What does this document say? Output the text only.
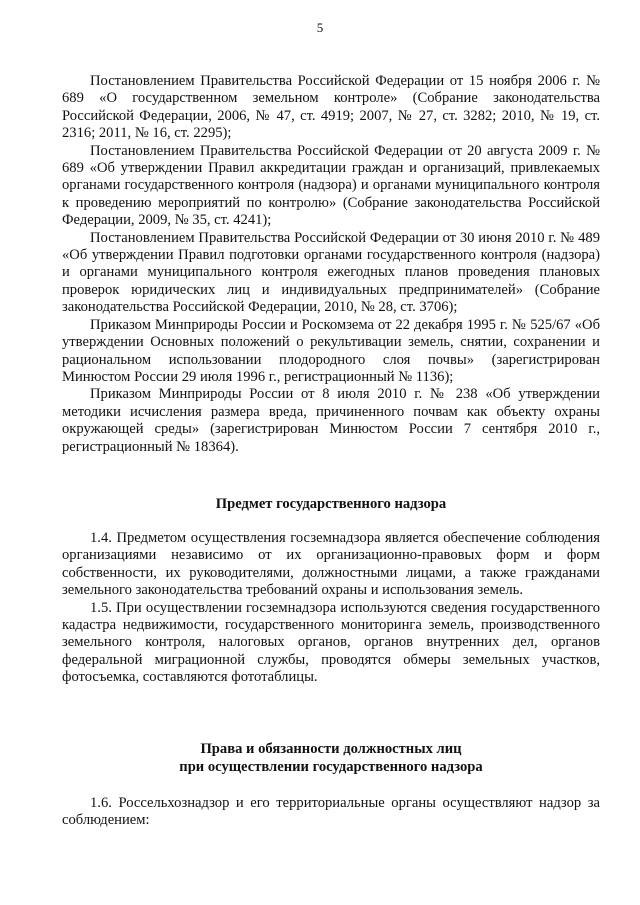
5

Постановлением Правительства Российской Федерации от 15 ноября 2006 г. № 689 «О государственном земельном контроле» (Собрание законодательства Российской Федерации, 2006, № 47, ст. 4919; 2007, № 27, ст. 3282; 2010, № 19, ст. 2316; 2011, № 16, ст. 2295);

Постановлением Правительства Российской Федерации от 20 августа 2009 г. № 689 «Об утверждении Правил аккредитации граждан и организаций, привлекаемых органами государственного контроля (надзора) и органами муниципального контроля к проведению мероприятий по контролю» (Собрание законодательства Российской Федерации, 2009, № 35, ст. 4241);

Постановлением Правительства Российской Федерации от 30 июня 2010 г. № 489 «Об утверждении Правил подготовки органами государственного контроля (надзора) и органами муниципального контроля ежегодных планов проведения плановых проверок юридических лиц и индивидуальных предпринимателей» (Собрание законодательства Российской Федерации, 2010, № 28, ст. 3706);

Приказом Минприроды России и Роскомзема от 22 декабря 1995 г. № 525/67 «Об утверждении Основных положений о рекультивации земель, снятии, сохранении и рациональном использовании плодородного слоя почвы» (зарегистрирован Минюстом России 29 июля 1996 г., регистрационный № 1136);

Приказом Минприроды России от 8 июля 2010 г. № 238 «Об утверждении методики исчисления размера вреда, причиненного почвам как объекту охраны окружающей среды» (зарегистрирован Минюстом России 7 сентября 2010 г., регистрационный № 18364).

Предмет государственного надзора

1.4. Предметом осуществления госземнадзора является обеспечение соблюдения организациями независимо от их организационно-правовых форм и форм собственности, их руководителями, должностными лицами, а также гражданами земельного законодательства требований охраны и использования земель.

1.5. При осуществлении госземнадзора используются сведения государственного кадастра недвижимости, государственного мониторинга земель, производственного земельного контроля, налоговых органов, органов внутренних дел, органов федеральной миграционной службы, проводятся обмеры земельных участков, фотосъемка, составляются фототаблицы.

Права и обязанности должностных лиц
при осуществлении государственного надзора

1.6. Россельхознадзор и его территориальные органы осуществляют надзор за соблюдением:
